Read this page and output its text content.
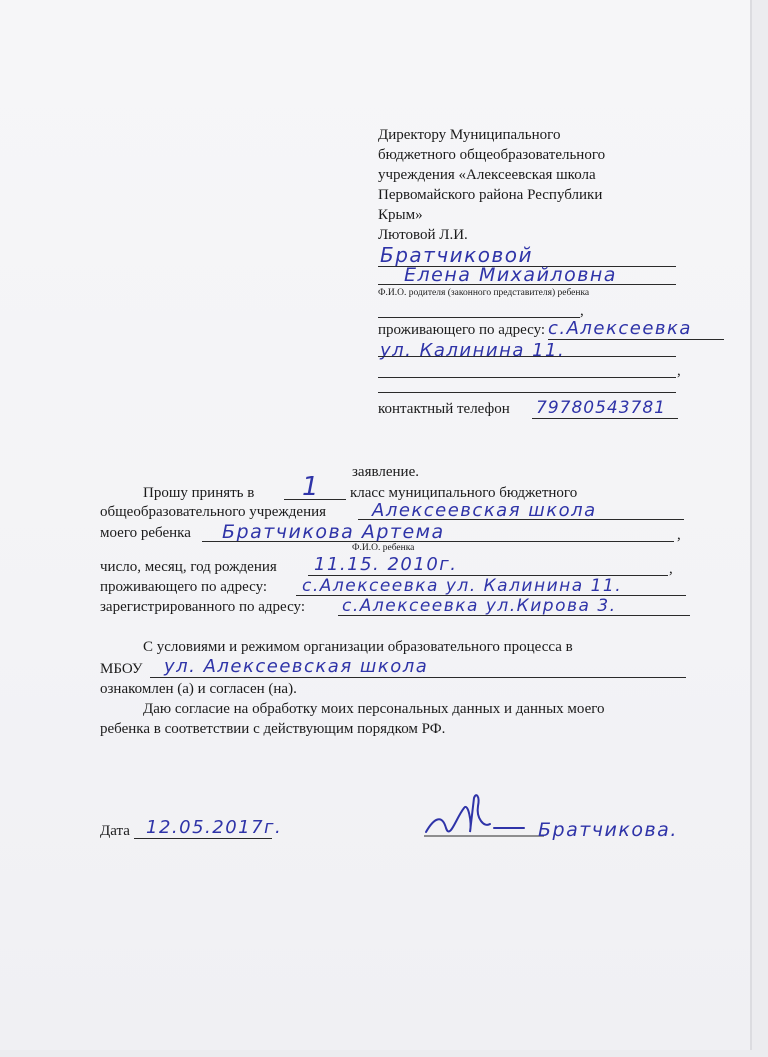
Директору Муниципального
бюджетного общеобразовательного
учреждения «Алексеевская школа
Первомайского района Республики
Крым»
Лютовой Л.И.
Братчиковой
Елена Михайловна
Ф.И.О. родителя (законного представителя) ребенка
,
проживающего по адресу: с.Алексеевка
ул. Калинина 11.
,
контактный телефон 79780543781
заявление.
Прошу принять в 1 класс муниципального бюджетного
общеобразовательного учреждения	Алексеевская школа
моего ребенка Братчикова Артема	,
Ф.И.О. ребенка
число, месяц, год рождения 11.15. 2010г.	,
проживающего по адресу: с.Алексеевка ул. Калинина 11.
зарегистрированного по адресу: с.Алексеевка ул.Кирова 3.
С условиями и режимом организации образовательного процесса в
МБОУ ул. Алексеевская школа
ознакомлен (а) и согласен (на).
Даю согласие на обработку моих персональных данных и данных моего
ребенка в соответствии с действующим порядком РФ.
Дата 12.05.2017г.	Братчикова.
